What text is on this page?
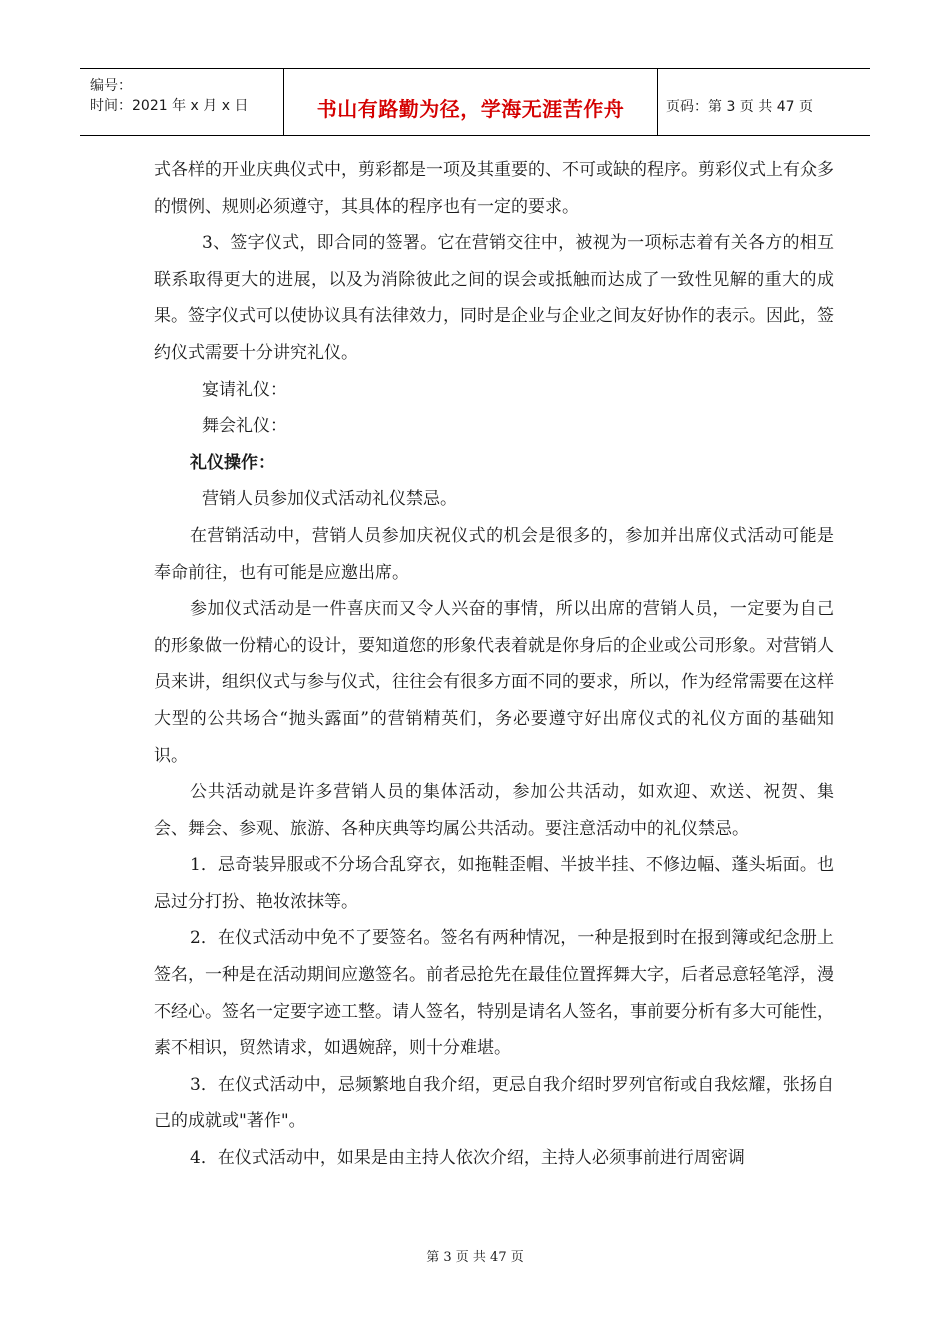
编号：
时间：2021 年 x 月 x 日	书山有路勤为径，学海无涯苦作舟	页码：第 3 页 共 47 页

式各样的开业庆典仪式中，剪彩都是一项及其重要的、不可或缺的程序。剪彩仪式上有众多的惯例、规则必须遵守，其具体的程序也有一定的要求。

3、签字仪式，即合同的签署。它在营销交往中，被视为一项标志着有关各方的相互联系取得更大的进展，以及为消除彼此之间的误会或抵触而达成了一致性见解的重大的成果。签字仪式可以使协议具有法律效力，同时是企业与企业之间友好协作的表示。因此，签约仪式需要十分讲究礼仪。

宴请礼仪：

舞会礼仪：

礼仪操作：

营销人员参加仪式活动礼仪禁忌。

在营销活动中，营销人员参加庆祝仪式的机会是很多的，参加并出席仪式活动可能是奉命前往，也有可能是应邀出席。

参加仪式活动是一件喜庆而又令人兴奋的事情，所以出席的营销人员，一定要为自己的形象做一份精心的设计，要知道您的形象代表着就是你身后的企业或公司形象。对营销人员来讲，组织仪式与参与仪式，往往会有很多方面不同的要求，所以，作为经常需要在这样大型的公共场合“抛头露面”的营销精英们，务必要遵守好出席仪式的礼仪方面的基础知识。

公共活动就是许多营销人员的集体活动，参加公共活动，如欢迎、欢送、祝贺、集会、舞会、参观、旅游、各种庆典等均属公共活动。要注意活动中的礼仪禁忌。

1．忌奇装异服或不分场合乱穿衣，如拖鞋歪帽、半披半挂、不修边幅、蓬头垢面。也忌过分打扮、艳妆浓抹等。

2．在仪式活动中免不了要签名。签名有两种情况，一种是报到时在报到簿或纪念册上签名，一种是在活动期间应邀签名。前者忌抢先在最佳位置挥舞大字，后者忌意轻笔浮，漫不经心。签名一定要字迹工整。请人签名，特别是请名人签名，事前要分析有多大可能性，素不相识，贸然请求，如遇婉辞，则十分难堪。

3．在仪式活动中，忌频繁地自我介绍，更忌自我介绍时罗列官衔或自我炫耀，张扬自己的成就或"著作"。

4．在仪式活动中，如果是由主持人依次介绍，主持人必须事前进行周密调

第 3 页 共 47 页
